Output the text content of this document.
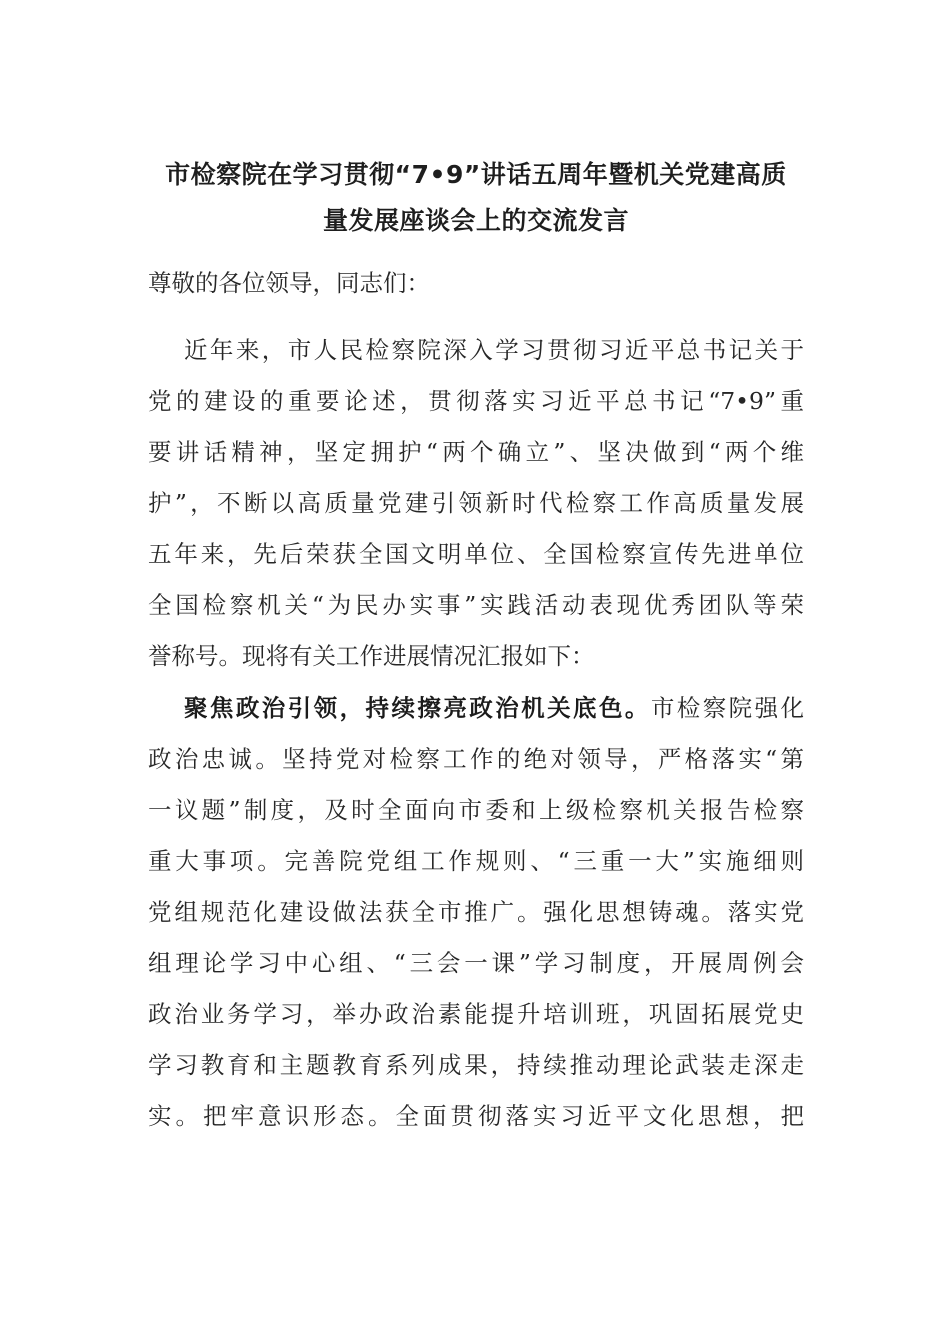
市检察院在学习贯彻“7•9”讲话五周年暨机关党建高质
量发展座谈会上的交流发言
尊敬的各位领导，同志们：
近年来，市人民检察院深入学习贯彻习近平总书记关于
党的建设的重要论述，贯彻落实习近平总书记“7•9”重
要讲话精神，坚定拥护“两个确立”、坚决做到“两个维
护”，不断以高质量党建引领新时代检察工作高质量发展
五年来，先后荣获全国文明单位、全国检察宣传先进单位
全国检察机关“为民办实事”实践活动表现优秀团队等荣
誉称号。现将有关工作进展情况汇报如下：
聚焦政治引领，持续擦亮政治机关底色。市检察院强化
政治忠诚。坚持党对检察工作的绝对领导，严格落实“第
一议题”制度，及时全面向市委和上级检察机关报告检察
重大事项。完善院党组工作规则、“三重一大”实施细则
党组规范化建设做法获全市推广。强化思想铸魂。落实党
组理论学习中心组、“三会一课”学习制度，开展周例会
政治业务学习，举办政治素能提升培训班，巩固拓展党史
学习教育和主题教育系列成果，持续推动理论武装走深走
实。把牢意识形态。全面贯彻落实习近平文化思想，把
